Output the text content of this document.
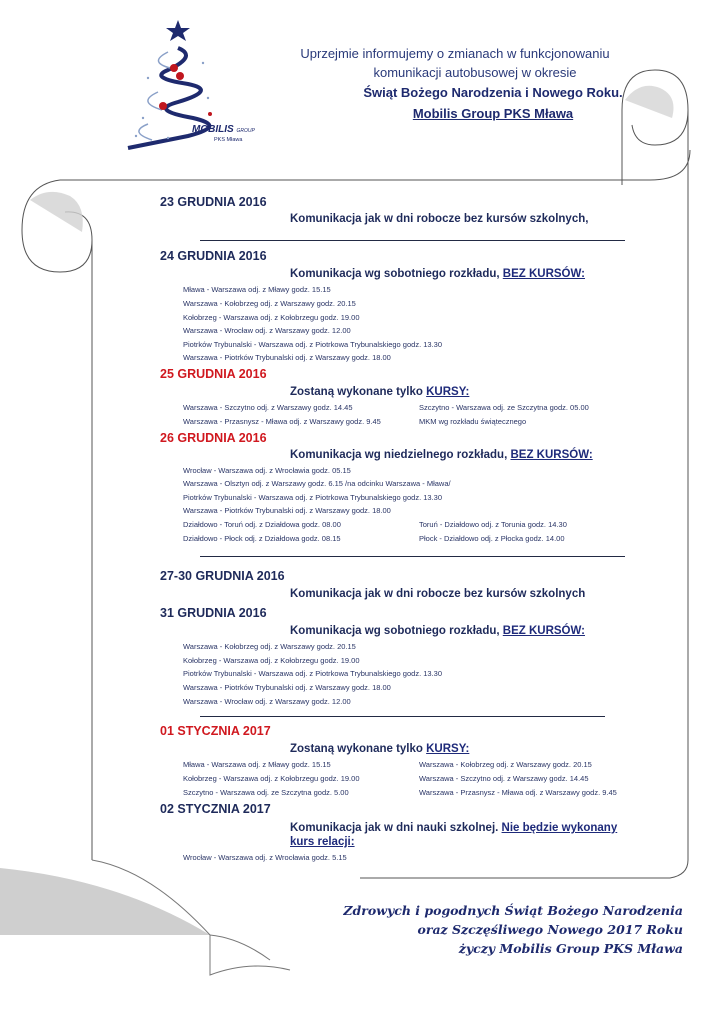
MOBILIS GROUP
PKS Mława
Uprzejmie informujemy o zmianach w funkcjonowaniu
komunikacji autobusowej w okresie
Świąt Bożego Narodzenia i Nowego Roku.
Mobilis Group PKS Mława
23 GRUDNIA 2016
Komunikacja jak w dni robocze bez kursów szkolnych,
24 GRUDNIA 2016
Komunikacja wg sobotniego rozkładu, BEZ KURSÓW:
Mława - Warszawa odj. z Mławy godz. 15.15
Warszawa - Kołobrzeg odj. z Warszawy godz. 20.15
Kołobrzeg - Warszawa odj. z Kołobrzegu godz. 19.00
Warszawa - Wrocław odj. z Warszawy godz. 12.00
Piotrków Trybunalski - Warszawa odj. z Piotrkowa Trybunalskiego godz. 13.30
Warszawa - Piotrków Trybunalski odj. z Warszawy godz. 18.00
25 GRUDNIA 2016
Zostaną wykonane tylko KURSY:
Warszawa - Szczytno odj. z Warszawy godz. 14.45
Warszawa - Przasnysz - Mława odj. z Warszawy godz. 9.45
Szczytno - Warszawa odj. ze Szczytna godz. 05.00
MKM wg rozkładu świątecznego
26 GRUDNIA 2016
Komunikacja wg niedzielnego rozkładu, BEZ KURSÓW:
Wrocław - Warszawa odj. z Wrocławia godz. 05.15
Warszawa - Olsztyn odj. z Warszawy godz. 6.15 /na odcinku Warszawa - Mława/
Piotrków Trybunalski - Warszawa odj. z Piotrkowa Trybunalskiego godz. 13.30
Warszawa - Piotrków Trybunalski odj. z Warszawy godz. 18.00
Działdowo - Toruń odj. z Działdowa godz. 08.00
Działdowo - Płock odj. z Działdowa godz. 08.15
Toruń - Działdowo odj. z Torunia godz. 14.30
Płock - Działdowo odj. z Płocka godz. 14.00
27-30 GRUDNIA 2016
Komunikacja jak w dni robocze bez kursów szkolnych
31 GRUDNIA 2016
Komunikacja wg sobotniego rozkładu, BEZ KURSÓW:
Warszawa - Kołobrzeg odj. z Warszawy godz. 20.15
Kołobrzeg - Warszawa odj. z Kołobrzegu godz. 19.00
Piotrków Trybunalski - Warszawa odj. z Piotrkowa Trybunalskiego godz. 13.30
Warszawa - Piotrków Trybunalski odj. z Warszawy godz. 18.00
Warszawa - Wrocław odj. z Warszawy godz. 12.00
01 STYCZNIA 2017
Zostaną wykonane tylko KURSY:
Mława - Warszawa odj. z Mławy godz. 15.15
Kołobrzeg - Warszawa odj. z Kołobrzegu godz. 19.00
Szczytno - Warszawa odj. ze Szczytna godz. 5.00
Warszawa - Kołobrzeg odj. z Warszawy godz. 20.15
Warszawa - Szczytno odj. z Warszawy godz. 14.45
Warszawa - Przasnysz - Mława odj. z Warszawy godz. 9.45
02 STYCZNIA 2017
Komunikacja jak w dni nauki szkolnej. Nie będzie wykonany
kurs relacji:
Wrocław - Warszawa odj. z Wrocławia godz. 5.15
Zdrowych i pogodnych Świąt Bożego Narodzenia
oraz Szczęśliwego Nowego 2017 Roku
życzy Mobilis Group PKS Mława
